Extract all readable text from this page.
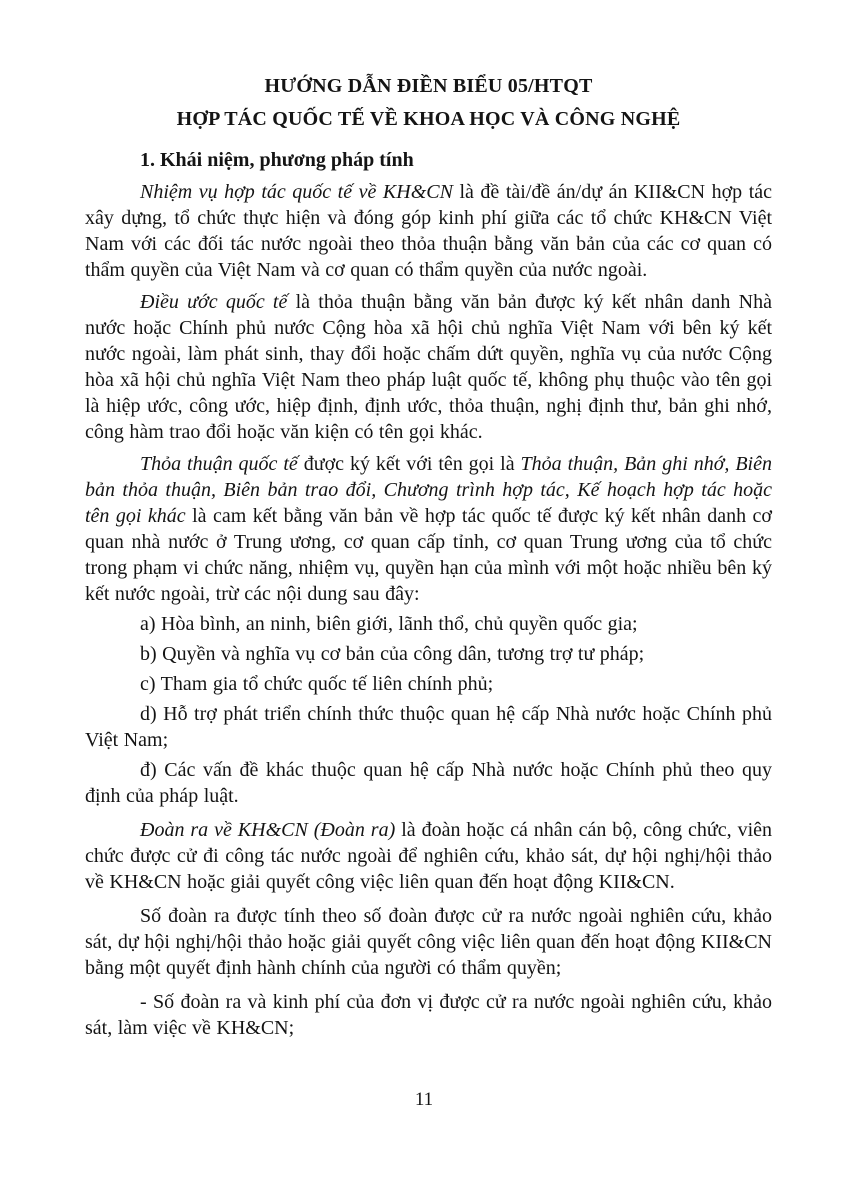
HƯỚNG DẪN ĐIỀN BIỂU 05/HTQT

HỢP TÁC QUỐC TẾ VỀ KHOA HỌC VÀ CÔNG NGHỆ

1. Khái niệm, phương pháp tính

Nhiệm vụ hợp tác quốc tế về KH&CN là đề tài/đề án/dự án KII&CN hợp tác xây dựng, tổ chức thực hiện và đóng góp kinh phí giữa các tổ chức KH&CN Việt Nam với các đối tác nước ngoài theo thỏa thuận bằng văn bản của các cơ quan có thẩm quyền của Việt Nam và cơ quan có thẩm quyền của nước ngoài.

Điều ước quốc tế là thỏa thuận bằng văn bản được ký kết nhân danh Nhà nước hoặc Chính phủ nước Cộng hòa xã hội chủ nghĩa Việt Nam với bên ký kết nước ngoài, làm phát sinh, thay đổi hoặc chấm dứt quyền, nghĩa vụ của nước Cộng hòa xã hội chủ nghĩa Việt Nam theo pháp luật quốc tế, không phụ thuộc vào tên gọi là hiệp ước, công ước, hiệp định, định ước, thỏa thuận, nghị định thư, bản ghi nhớ, công hàm trao đổi hoặc văn kiện có tên gọi khác.

Thỏa thuận quốc tế được ký kết với tên gọi là Thỏa thuận, Bản ghi nhớ, Biên bản thỏa thuận, Biên bản trao đổi, Chương trình hợp tác, Kế hoạch hợp tác hoặc tên gọi khác là cam kết bằng văn bản về hợp tác quốc tế được ký kết nhân danh cơ quan nhà nước ở Trung ương, cơ quan cấp tỉnh, cơ quan Trung ương của tổ chức trong phạm vi chức năng, nhiệm vụ, quyền hạn của mình với một hoặc nhiều bên ký kết nước ngoài, trừ các nội dung sau đây:

a) Hòa bình, an ninh, biên giới, lãnh thổ, chủ quyền quốc gia;

b) Quyền và nghĩa vụ cơ bản của công dân, tương trợ tư pháp;

c) Tham gia tổ chức quốc tế liên chính phủ;

d) Hỗ trợ phát triển chính thức thuộc quan hệ cấp Nhà nước hoặc Chính phủ Việt Nam;

đ) Các vấn đề khác thuộc quan hệ cấp Nhà nước hoặc Chính phủ theo quy định của pháp luật.

Đoàn ra về KH&CN (Đoàn ra) là đoàn hoặc cá nhân cán bộ, công chức, viên chức được cử đi công tác nước ngoài để nghiên cứu, khảo sát, dự hội nghị/hội thảo về KH&CN hoặc giải quyết công việc liên quan đến hoạt động KII&CN.

Số đoàn ra được tính theo số đoàn được cử ra nước ngoài nghiên cứu, khảo sát, dự hội nghị/hội thảo hoặc giải quyết công việc liên quan đến hoạt động KII&CN bằng một quyết định hành chính của người có thẩm quyền;

- Số đoàn ra và kinh phí của đơn vị được cử ra nước ngoài nghiên cứu, khảo sát, làm việc về KH&CN;

11
